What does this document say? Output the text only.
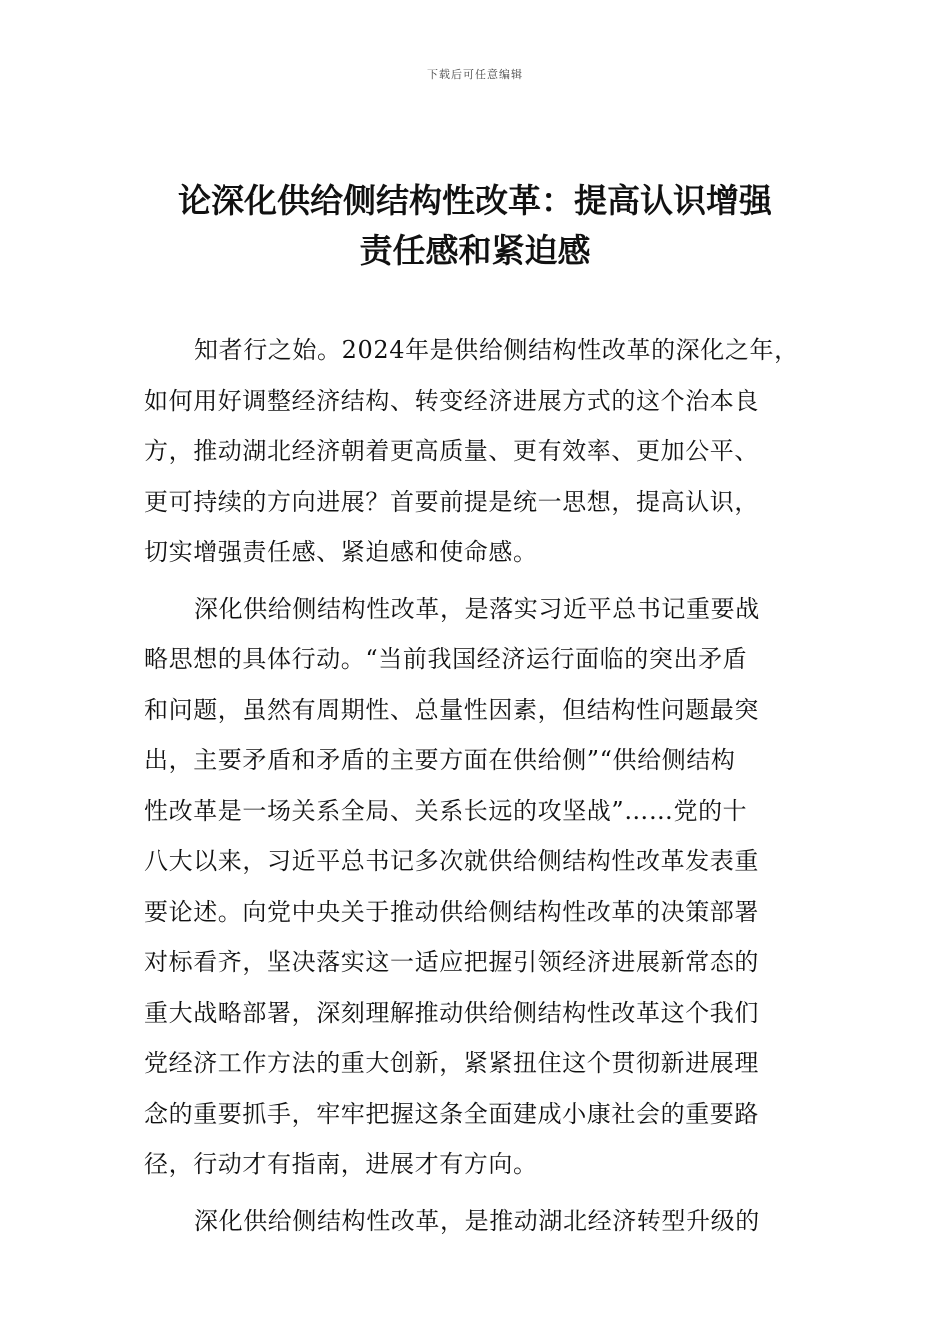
下载后可任意编辑
论深化供给侧结构性改革：提高认识增强
责任感和紧迫感

知者行之始。2024年是供给侧结构性改革的深化之年，
如何用好调整经济结构、转变经济进展方式的这个治本良
方，推动湖北经济朝着更高质量、更有效率、更加公平、
更可持续的方向进展？首要前提是统一思想，提高认识，
切实增强责任感、紧迫感和使命感。

深化供给侧结构性改革，是落实习近平总书记重要战
略思想的具体行动。“当前我国经济运行面临的突出矛盾
和问题，虽然有周期性、总量性因素，但结构性问题最突
出，主要矛盾和矛盾的主要方面在供给侧”“供给侧结构
性改革是一场关系全局、关系长远的攻坚战”……党的十
八大以来，习近平总书记多次就供给侧结构性改革发表重
要论述。向党中央关于推动供给侧结构性改革的决策部署
对标看齐，坚决落实这一适应把握引领经济进展新常态的
重大战略部署，深刻理解推动供给侧结构性改革这个我们
党经济工作方法的重大创新，紧紧扭住这个贯彻新进展理
念的重要抓手，牢牢把握这条全面建成小康社会的重要路
径，行动才有指南，进展才有方向。

深化供给侧结构性改革，是推动湖北经济转型升级的
